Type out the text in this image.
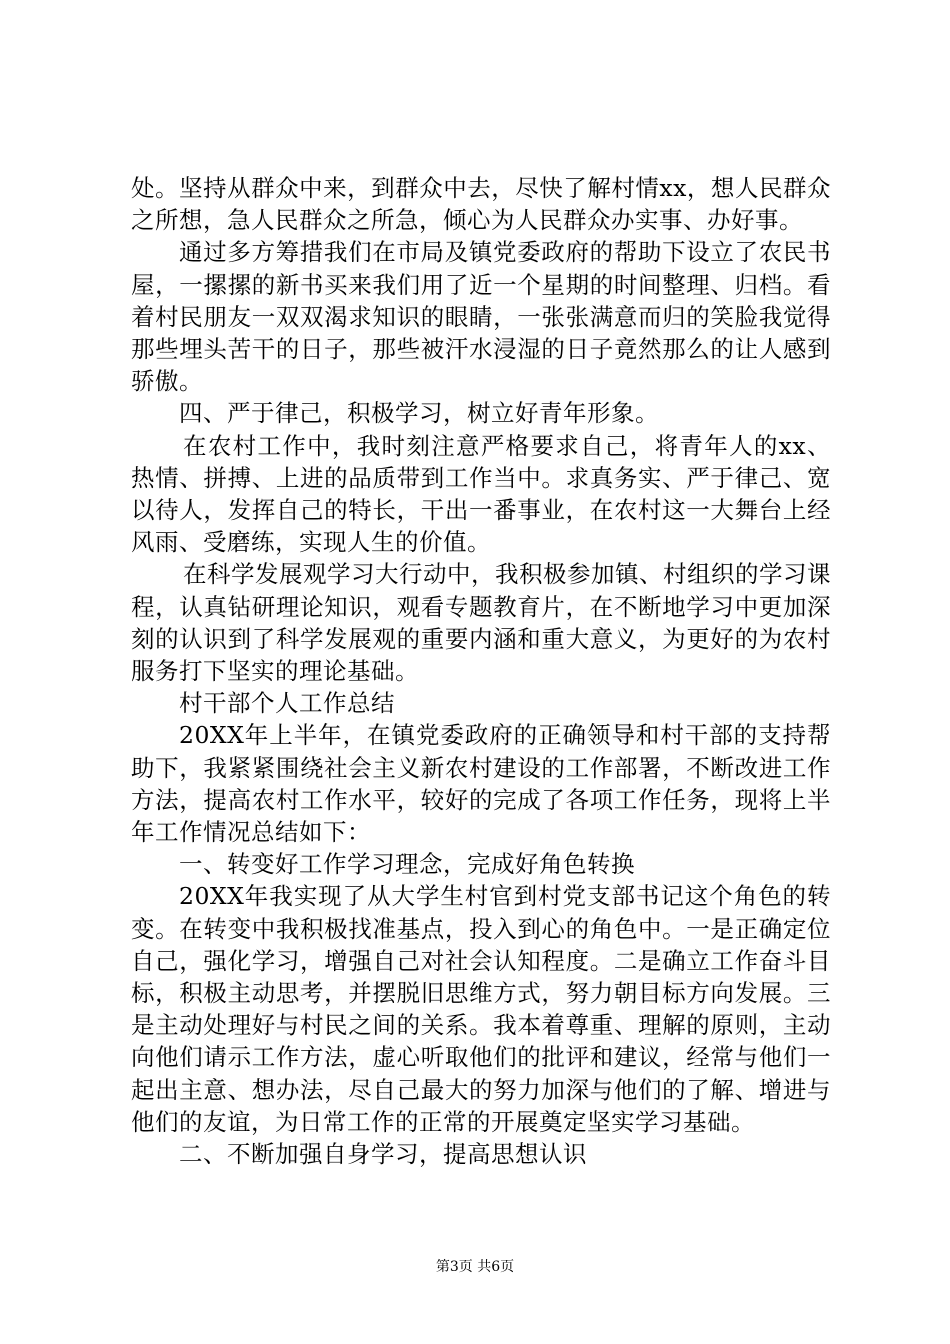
处。坚持从群众中来，到群众中去，尽快了解村情xx，想人民群众之所想，急人民群众之所急，倾心为人民群众办实事、办好事。

通过多方筹措我们在市局及镇党委政府的帮助下设立了农民书屋，一摞摞的新书买来我们用了近一个星期的时间整理、归档。看着村民朋友一双双渴求知识的眼睛，一张张满意而归的笑脸我觉得那些埋头苦干的日子，那些被汗水浸湿的日子竟然那么的让人感到骄傲。

四、严于律己，积极学习，树立好青年形象。

在农村工作中，我时刻注意严格要求自己，将青年人的xx、热情、拼搏、上进的品质带到工作当中。求真务实、严于律己、宽以待人，发挥自己的特长，干出一番事业，在农村这一大舞台上经风雨、受磨练，实现人生的价值。

在科学发展观学习大行动中，我积极参加镇、村组织的学习课程，认真钻研理论知识，观看专题教育片，在不断地学习中更加深刻的认识到了科学发展观的重要内涵和重大意义，为更好的为农村服务打下坚实的理论基础。

村干部个人工作总结

20XX年上半年，在镇党委政府的正确领导和村干部的支持帮助下，我紧紧围绕社会主义新农村建设的工作部署，不断改进工作方法，提高农村工作水平，较好的完成了各项工作任务，现将上半年工作情况总结如下：

一、转变好工作学习理念，完成好角色转换

20XX年我实现了从大学生村官到村党支部书记这个角色的转变。在转变中我积极找准基点，投入到心的角色中。一是正确定位自己，强化学习，增强自己对社会认知程度。二是确立工作奋斗目标，积极主动思考，并摆脱旧思维方式，努力朝目标方向发展。三是主动处理好与村民之间的关系。我本着尊重、理解的原则，主动向他们请示工作方法，虚心听取他们的批评和建议，经常与他们一起出主意、想办法，尽自己最大的努力加深与他们的了解、增进与他们的友谊，为日常工作的正常的开展奠定坚实学习基础。

二、不断加强自身学习，提高思想认识

第3页 共6页
